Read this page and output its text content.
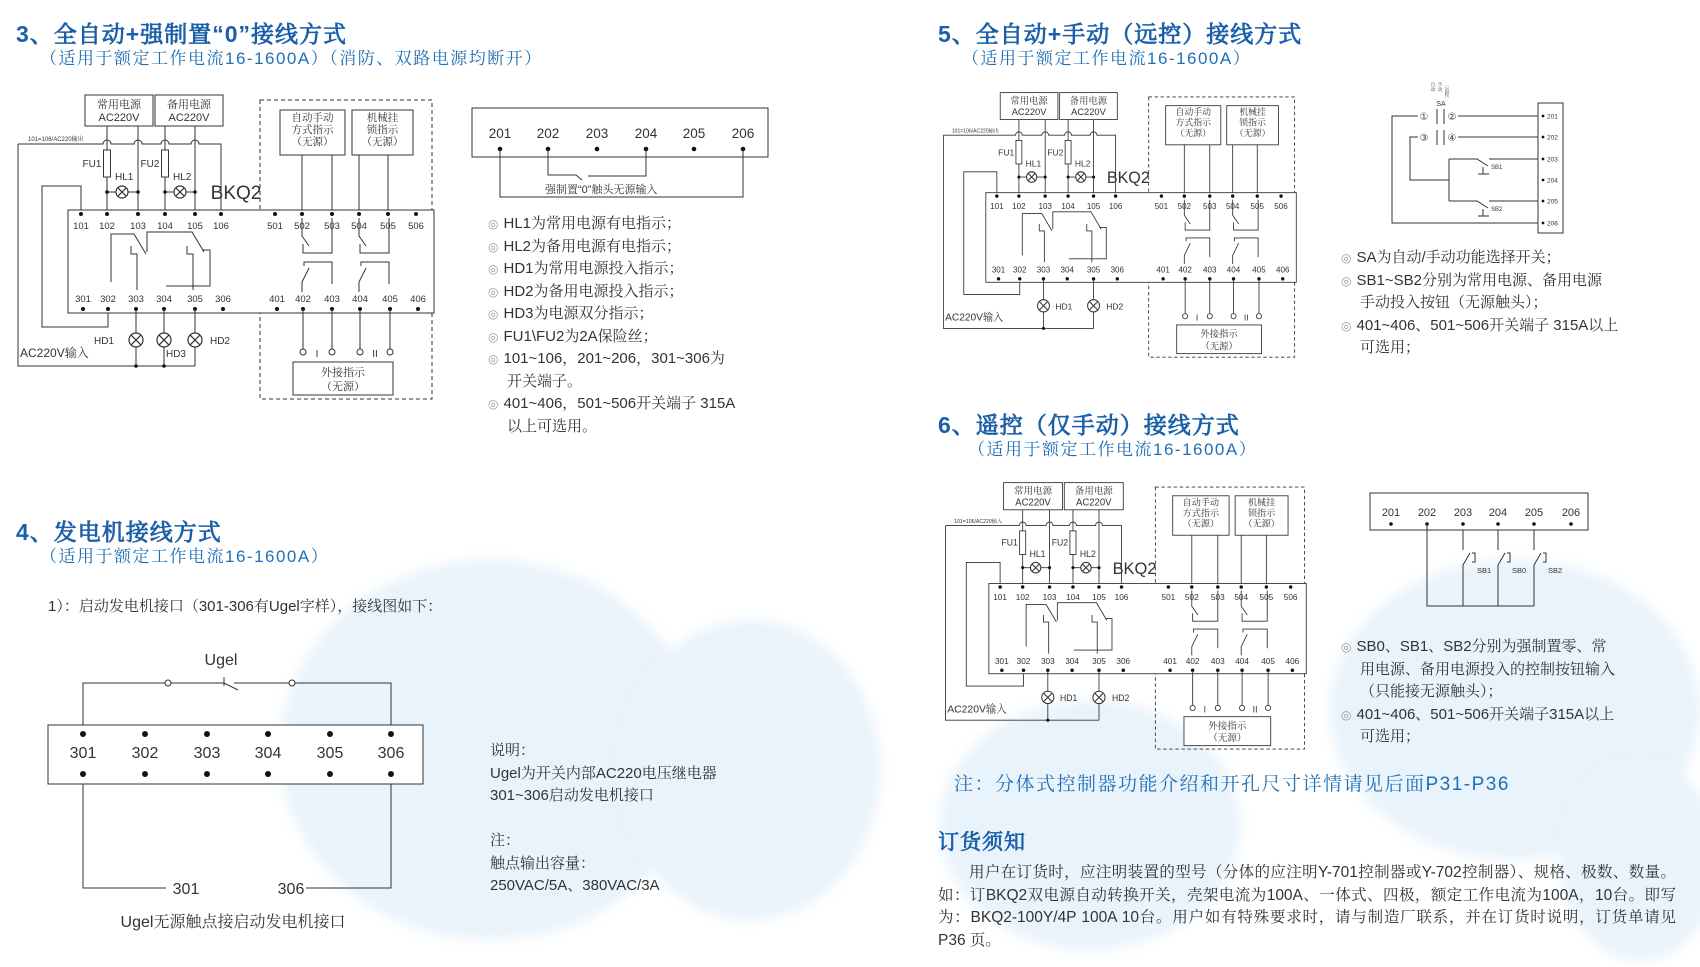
3、全自动+强制置“0”接线方式
（适用于额定工作电流16-1600A）（消防、双路电源均断开）
常用电源
AC220V
备用电源
AC220V	自动手动
方式指示
（无源）
机械挂
锁指示
（无源）
101=106/AC220输出
FU1	FU2
HL1	HL2
101 102 103 104 105 106	501 502 503 504 505 506
301 302 303 304 305 306	401 402 403 404 405 406
BKQ2
HD1
HD3
HD2
AC220V输入	I	II
外接指示
（无源）
◎ HL1为常用电源有电指示；
◎ HL2为备用电源有电指示；
◎ HD1为常用电源投入指示；
◎ HD2为备用电源投入指示；
◎ HD3为电源双分指示；
◎ FU1\FU2为2A保险丝；
◎ 101~106，201~206，301~306为
开关端子。
◎ 401~406，501~506开关端子 315A
以上可选用。
4、发电机接线方式
（适用于额定工作电流16-1600A）
1）：启动发电机接口（301-306有Ugel字样），接线图如下：
说明：
Ugel为开关内部AC220电压继电器
301~306启动发电机接口

注：
触点输出容量：
250VAC/5A、380VAC/3A
5、全自动+手动（远控）接线方式
（适用于额定工作电流16-1600A）
常用电源
AC220V
备用电源
AC220V	自动手动
方式指示
（无源）
机械挂
锁指示
（无源）
101=106/AC220输出
FU1	FU2
HL1	HL2
101 102 103 104 105 106	501 502 503 504 505 506
301 302 303 304 305 306	401 402 403 404 405 406
BKQ2
HD1	HD2
AC220V输入	I	II
外接指示
（无源）
◎ SA为自动/手动功能选择开关；
◎ SB1~SB2分别为常用电源、备用电源
手动投入按钮（无源触头）；
◎ 401~406、501~506开关端子 315A以上
可选用；
6、遥控（仅手动）接线方式
（适用于额定工作电流16-1600A）
常用电源
AC220V
备用电源
AC220V	自动手动
方式指示
（无源）
机械挂
锁指示
（无源）
101=106/AC220输入
FU1	FU2
HL1	HL2
101 102 103 104 105 106	501 502 503 504 505 506
301 302 303 304 305 306	401 402 403 404 405 406
BKQ2
HD1	HD2
AC220V输入	I	II
外接指示
（无源）
◎ SB0、SB1、SB2分别为强制置零、常
用电源、备用电源投入的控制按钮输入
（只能接无源触头）；
◎ 401~406、501~506开关端子315A以上
可选用；
201 202 203 204 205 206
强制置“0”触头无源输入
Ugel
301 302 303 304 305 306
301	306
Ugel无源触点接启动发电机接口
自动 手动 〔远程〕
SA
201
202
203
204
205
206
① ②
③ ④
SB1
SB2
201 202 203 204 205 206
SB1	SB0	SB2
注：分体式控制器功能介绍和开孔尺寸详情请见后面P31-P36
订货须知
用户在订货时，应注明装置的型号（分体的应注明Y-701控制器或Y-702控制器）、规格、极数、数量。如：订BKQ2双电源自动转换开关，壳架电流为100A、一体式、四极，额定工作电流为100A，10台。即写为：BKQ2-100Y/4P 100A 10台。用户如有特殊要求时，请与制造厂联系，并在订货时说明，订货单请见 P36 页。
